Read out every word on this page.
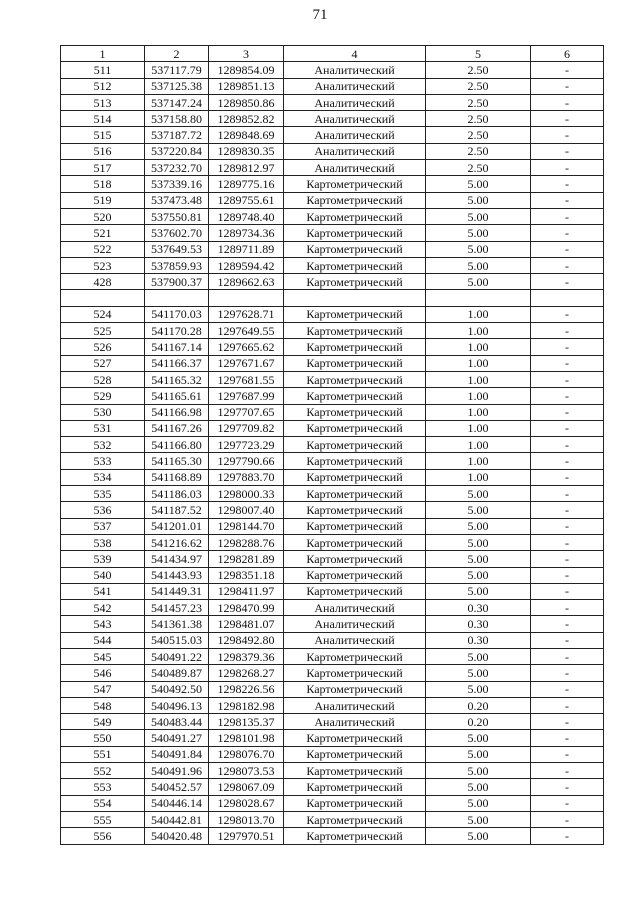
71
1	2	3	4	5	6
511	537117.79	1289854.09	Аналитический	2.50	-
512	537125.38	1289851.13	Аналитический	2.50	-
513	537147.24	1289850.86	Аналитический	2.50	-
514	537158.80	1289852.82	Аналитический	2.50	-
515	537187.72	1289848.69	Аналитический	2.50	-
516	537220.84	1289830.35	Аналитический	2.50	-
517	537232.70	1289812.97	Аналитический	2.50	-
518	537339.16	1289775.16	Картометрический	5.00	-
519	537473.48	1289755.61	Картометрический	5.00	-
520	537550.81	1289748.40	Картометрический	5.00	-
521	537602.70	1289734.36	Картометрический	5.00	-
522	537649.53	1289711.89	Картометрический	5.00	-
523	537859.93	1289594.42	Картометрический	5.00	-
428	537900.37	1289662.63	Картометрический	5.00	-

524	541170.03	1297628.71	Картометрический	1.00	-
525	541170.28	1297649.55	Картометрический	1.00	-
526	541167.14	1297665.62	Картометрический	1.00	-
527	541166.37	1297671.67	Картометрический	1.00	-
528	541165.32	1297681.55	Картометрический	1.00	-
529	541165.61	1297687.99	Картометрический	1.00	-
530	541166.98	1297707.65	Картометрический	1.00	-
531	541167.26	1297709.82	Картометрический	1.00	-
532	541166.80	1297723.29	Картометрический	1.00	-
533	541165.30	1297790.66	Картометрический	1.00	-
534	541168.89	1297883.70	Картометрический	1.00	-
535	541186.03	1298000.33	Картометрический	5.00	-
536	541187.52	1298007.40	Картометрический	5.00	-
537	541201.01	1298144.70	Картометрический	5.00	-
538	541216.62	1298288.76	Картометрический	5.00	-
539	541434.97	1298281.89	Картометрический	5.00	-
540	541443.93	1298351.18	Картометрический	5.00	-
541	541449.31	1298411.97	Картометрический	5.00	-
542	541457.23	1298470.99	Аналитический	0.30	-
543	541361.38	1298481.07	Аналитический	0.30	-
544	540515.03	1298492.80	Аналитический	0.30	-
545	540491.22	1298379.36	Картометрический	5.00	-
546	540489.87	1298268.27	Картометрический	5.00	-
547	540492.50	1298226.56	Картометрический	5.00	-
548	540496.13	1298182.98	Аналитический	0.20	-
549	540483.44	1298135.37	Аналитический	0.20	-
550	540491.27	1298101.98	Картометрический	5.00	-
551	540491.84	1298076.70	Картометрический	5.00	-
552	540491.96	1298073.53	Картометрический	5.00	-
553	540452.57	1298067.09	Картометрический	5.00	-
554	540446.14	1298028.67	Картометрический	5.00	-
555	540442.81	1298013.70	Картометрический	5.00	-
556	540420.48	1297970.51	Картометрический	5.00	-
